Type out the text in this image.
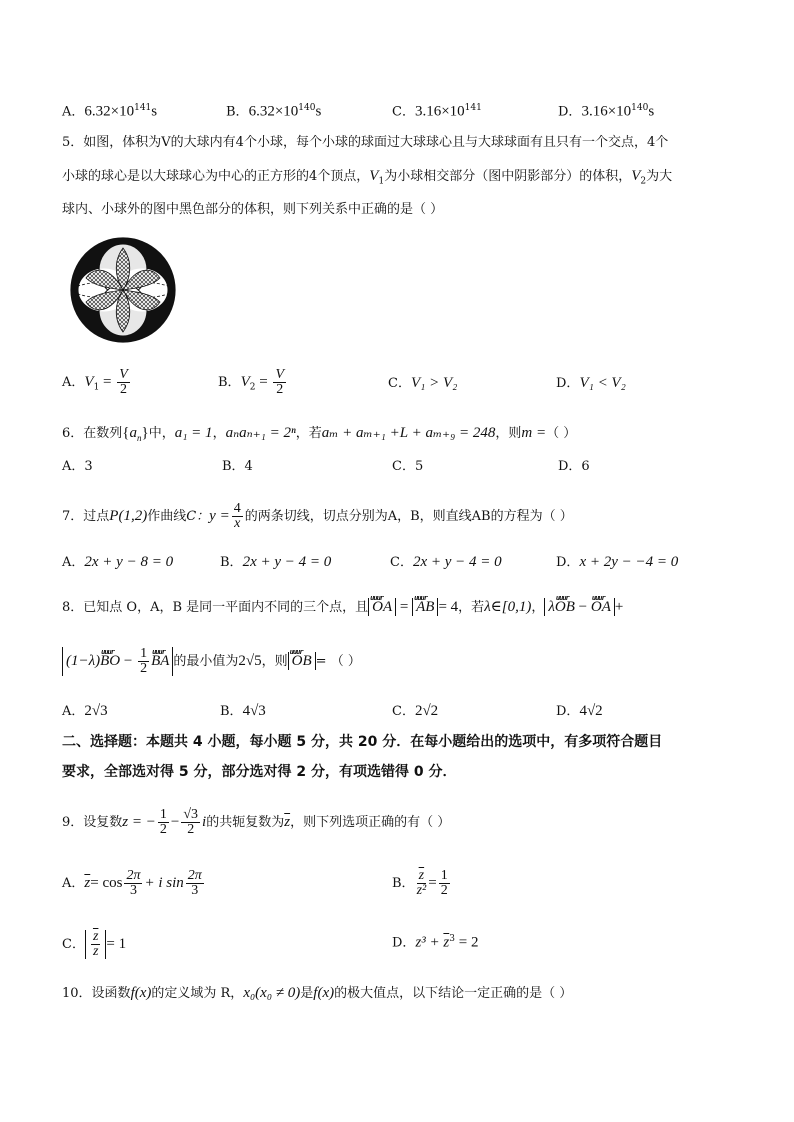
A．$6.32\times 10^{141}s$	B．$6.32\times 10^{140}s$	C．$3.16\times 10^{141}$	D．$3.16\times 10^{140}s$
5．如图，体积为V的大球内有4个小球，每个小球的球面过大球球心且与大球球面有且只有一个交点，4个
小球的球心是以大球球心为中心的正方形的4个顶点，$V_1$为小球相交部分（图中阴影部分）的体积，$V_2$为大
球内、小球外的图中黑色部分的体积，则下列关系中正确的是（ ）
A．$V_1 = \frac{V}{2}$	B．$V_2 = \frac{V}{2}$	C．V₁ > V₂	D．V₁ < V₂
6．在数列$\{a_n\}$中，a₁ = 1，aₙaₙ₊₁ = 2ⁿ，若aₘ + aₘ₊₁ +L + aₘ₊₉ = 248，则m =（ ）
A．3	B．4	C．5	D．6
7．过点P(1,2)作曲线C：$y = \frac{4}{x}$ 的两条切线，切点分别为A，B，则直线AB的方程为（ ）
A．2x + y − 8 = 0	B．2x + y − 4 = 0	C．2x + y − 4 = 0	D．x + 2y − −4 = 0
8．已知点 O，A，B 是同一平面内不同的三个点，且 uuur OA = uuur AB = 4，若λ∈[0,1)， λuuur OB − uuur OA +
(1−λ)uuur BO − $\frac{1}{2}$ uuur BA 的最小值为2√5，则 uuur OB = （ ）
A．2√3	B．4√3	C．2√2	D．4√2
二、选择题：本题共 4 小题，每小题 5 分，共 20 分．在每小题给出的选项中，有多项符合题目
要求，全部选对得 5 分，部分选对得 2 分，有项选错得 0 分．
9．设复数z = − $\frac{1}{2} - \frac{√3}{2}$ i的共轭复数为$\overline{z}$，则下列选项正确的有（ ）
A．$\overline{z}= \cos \frac{2\pi}{3} + i$ $\sin \frac{2\pi}{3}$	B． $\frac{\overline{z}}{\text{z²}} = \frac{1}{2}$
C． $\frac{\overline{z}}{z} = 1$	D．$z^3 + \overline{z}^3 = 2$
10．设函数f(x)的定义域为 R，x₀(x₀ ≠ 0)是f(x)的极大值点，以下结论一定正确的是（ ）
